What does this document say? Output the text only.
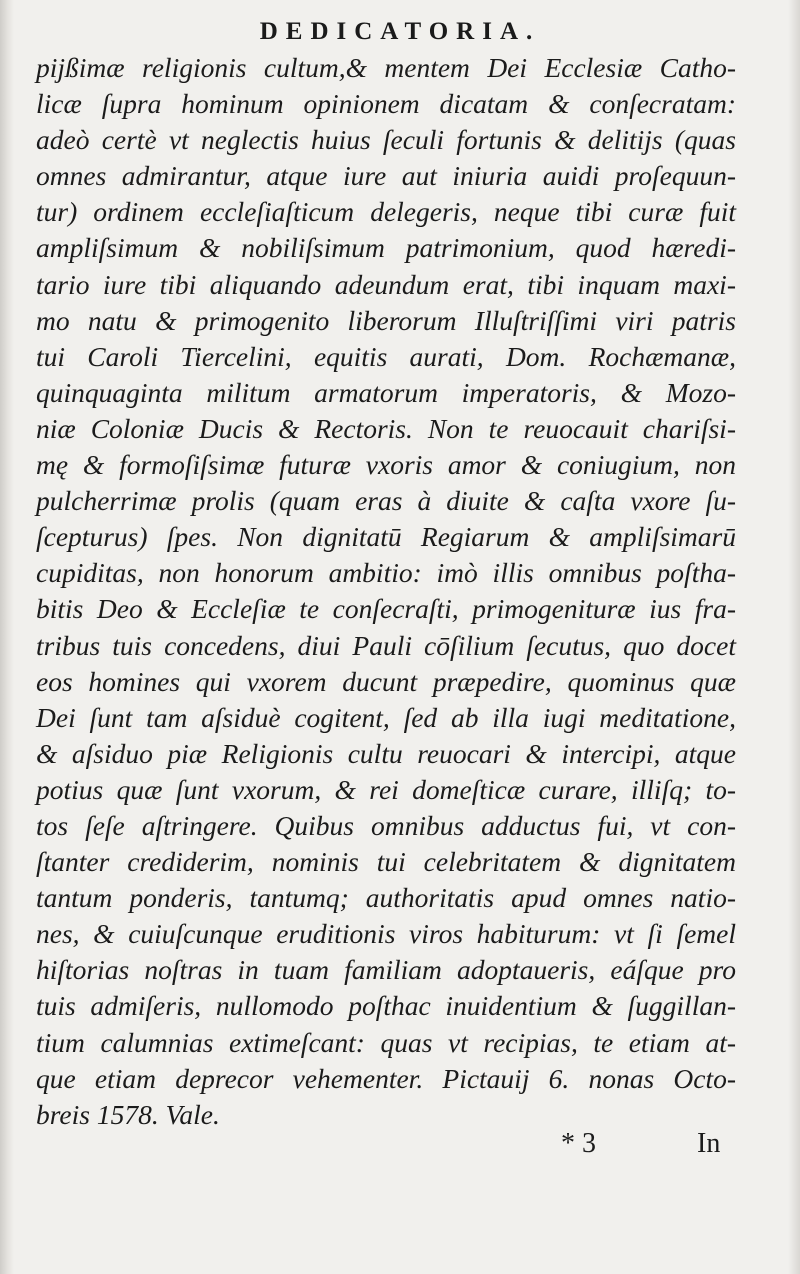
DEDICATORIA.
pijßimæ religionis cultum,& mentem Dei Ecclesiæ Catho-
licæ ſupra hominum opinionem dicatam & conſecratam:
adeò certè vt neglectis huius ſeculi fortunis & delitijs (quas
omnes admirantur, atque iure aut iniuria auidi proſequun-
tur) ordinem eccleſiaſticum delegeris, neque tibi curæ fuit
ampliſsimum & nobiliſsimum patrimonium, quod hæredi-
tario iure tibi aliquando adeundum erat, tibi inquam maxi-
mo natu & primogenito liberorum Illuſtriſſimi viri patris
tui Caroli Tiercelini, equitis aurati, Dom. Rochæmanæ,
quinquaginta militum armatorum imperatoris, & Mozo-
niæ Coloniæ Ducis & Rectoris. Non te reuocauit chariſsi-
mę & formoſiſsimæ futuræ vxoris amor & coniugium, non
pulcherrimæ prolis (quam eras à diuite & caſta vxore ſu-
ſcepturus) ſpes. Non dignitatū Regiarum & ampliſsimarū
cupiditas, non honorum ambitio: imò illis omnibus poſtha-
bitis Deo & Eccleſiæ te conſecraſti, primogenituræ ius fra-
tribus tuis concedens, diui Pauli cōſilium ſecutus, quo docet
eos homines qui vxorem ducunt præpedire, quominus quæ
Dei ſunt tam aſsiduè cogitent, ſed ab illa iugi meditatione,
& aſsiduo piæ Religionis cultu reuocari & intercipi, atque
potius quæ ſunt vxorum, & rei domeſticæ curare, illiſq; to-
tos ſeſe aſtringere. Quibus omnibus adductus fui, vt con-
ſtanter crediderim, nominis tui celebritatem & dignitatem
tantum ponderis, tantumq; authoritatis apud omnes natio-
nes, & cuiuſcunque eruditionis viros habiturum: vt ſi ſemel
hiſtorias noſtras in tuam familiam adoptaueris, eáſque pro
tuis admiſeris, nullomodo poſthac inuidentium & ſuggillan-
tium calumnias extimeſcant: quas vt recipias, te etiam at-
que etiam deprecor vehementer. Pictauij 6. nonas Octo-
breis 1578. Vale.
* 3	In
